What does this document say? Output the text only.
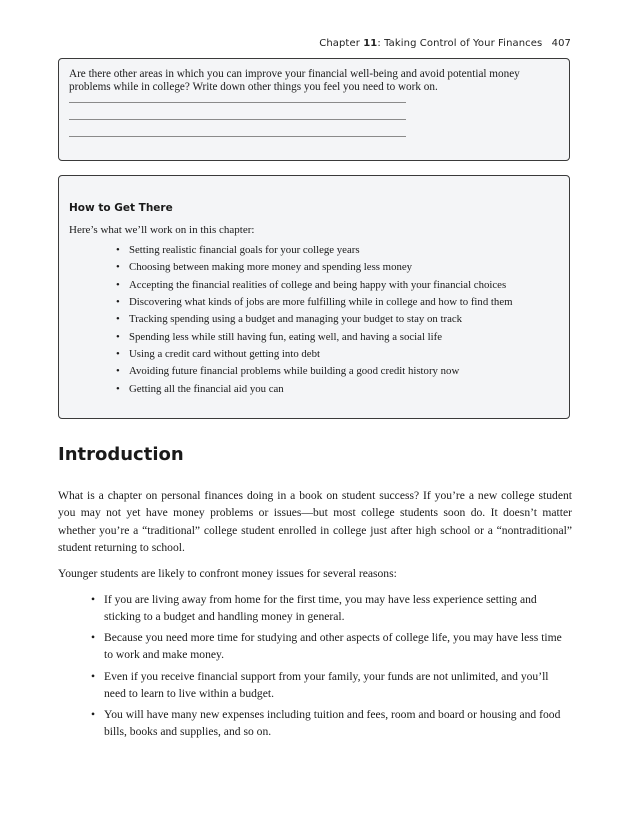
Chapter 11: Taking Control of Your Finances 407

Are there other areas in which you can improve your financial well-being and avoid potential money problems while in college? Write down other things you feel you need to work on.

How to Get There

Here’s what we’ll work on in this chapter:

• Setting realistic financial goals for your college years
• Choosing between making more money and spending less money
• Accepting the financial realities of college and being happy with your financial choices
• Discovering what kinds of jobs are more fulfilling while in college and how to find them
• Tracking spending using a budget and managing your budget to stay on track
• Spending less while still having fun, eating well, and having a social life
• Using a credit card without getting into debt
• Avoiding future financial problems while building a good credit history now
• Getting all the financial aid you can
Introduction

What is a chapter on personal finances doing in a book on student success? If you’re a new college student you may not yet have money problems or issues—but most college students soon do. It doesn’t matter whether you’re a “traditional” college student enrolled in college just after high school or a “nontraditional” student returning to school.

Younger students are likely to confront money issues for several reasons:

• If you are living away from home for the first time, you may have less experience setting and sticking to a budget and handling money in general.
• Because you need more time for studying and other aspects of college life, you may have less time to work and make money.
• Even if you receive financial support from your family, your funds are not unlimited, and you’ll need to learn to live within a budget.
• You will have many new expenses including tuition and fees, room and board or housing and food bills, books and supplies, and so on.
